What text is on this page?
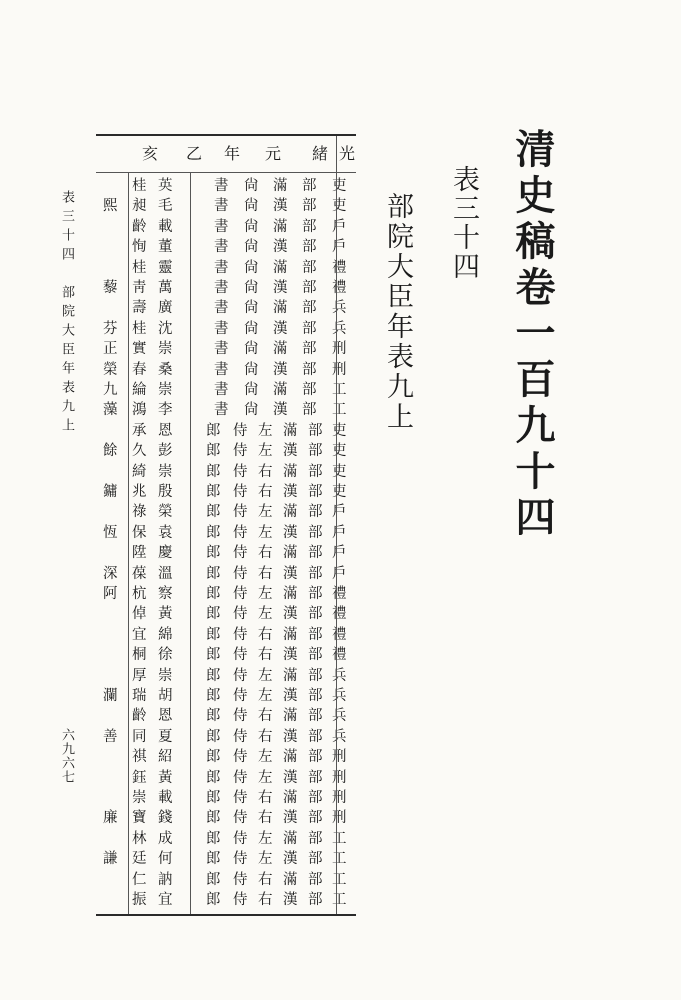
清史稿卷一百九十四
表三十四
部院大臣年表九上
表三十四　部院大臣年表九上
六九六七
光
緒
元
年
乙
亥
吏
部
滿
尙
書
英
桂
吏
部
漢
尙
書
毛
昶
熙
戶
部
滿
尙
書
載
齡
戶
部
漢
尙
書
董
恂
禮
部
滿
尙
書
靈
桂
禮
部
漢
尙
書
萬
靑
藜
兵
部
滿
尙
書
廣
壽
兵
部
漢
尙
書
沈
桂
芬
刑
部
滿
尙
書
崇
實
正
刑
部
漢
尙
書
桑
春
榮
工
部
滿
尙
書
崇
綸
九
工
部
漢
尙
書
李
鴻
藻
吏
部
滿
左
侍
郎
恩
承
吏
部
漢
左
侍
郎
彭
久
餘
吏
部
滿
右
侍
郎
崇
綺
吏
部
漢
右
侍
郎
殷
兆
鏞
戶
部
滿
左
侍
郎
榮
祿
戶
部
漢
左
侍
郎
袁
保
恆
戶
部
滿
右
侍
郎
慶
陞
戶
部
漢
右
侍
郎
溫
葆
深
禮
部
滿
左
侍
郎
察
杭
阿
禮
部
漢
左
侍
郎
黃
倬
禮
部
滿
右
侍
郎
綿
宜
禮
部
漢
右
侍
郎
徐
桐
兵
部
滿
左
侍
郎
崇
厚
兵
部
漢
左
侍
郎
胡
瑞
瀾
兵
部
滿
右
侍
郎
恩
齡
兵
部
漢
右
侍
郎
夏
同
善
刑
部
滿
左
侍
郎
紹
祺
刑
部
漢
左
侍
郎
黃
鈺
刑
部
滿
右
侍
郎
載
崇
刑
部
漢
右
侍
郎
錢
寶
廉
工
部
滿
左
侍
郎
成
林
工
部
漢
左
侍
郎
何
廷
謙
工
部
滿
右
侍
郎
訥
仁
工
部
漢
右
侍
郎
宜
振
